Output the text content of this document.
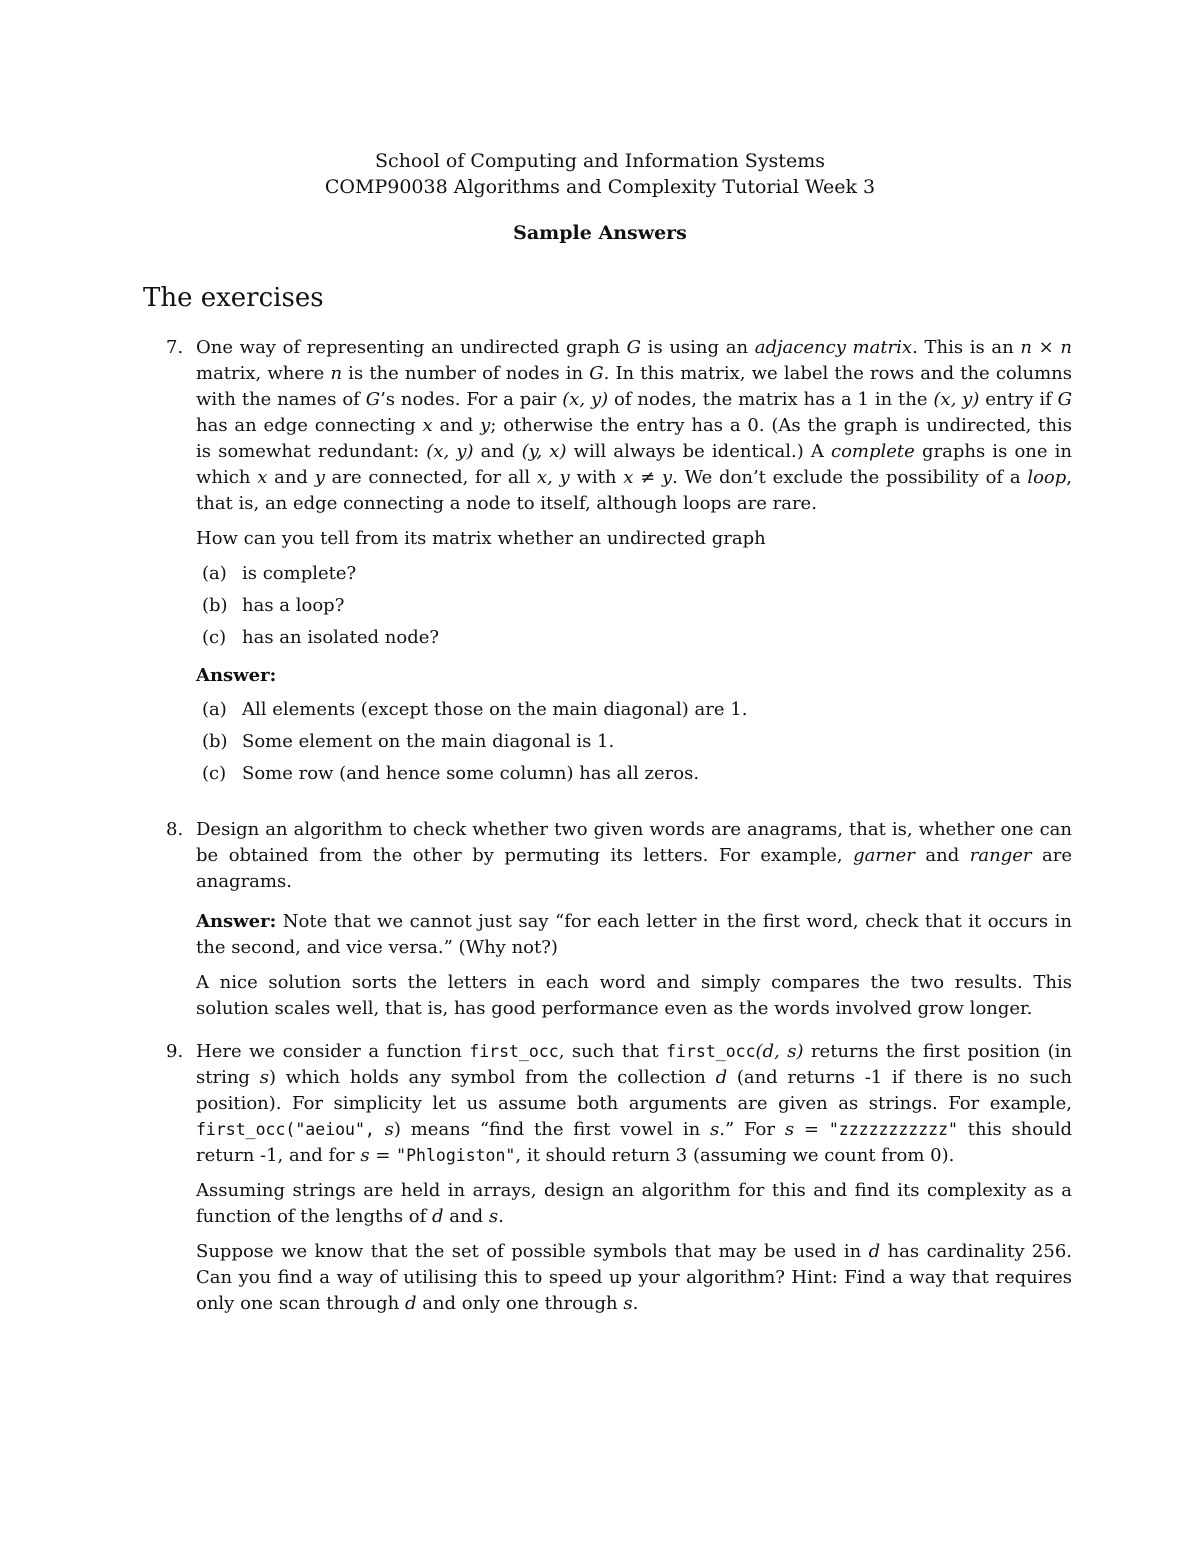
School of Computing and Information Systems
COMP90038 Algorithms and Complexity Tutorial Week 3
Sample Answers
The exercises
7. One way of representing an undirected graph G is using an adjacency matrix. This is an n × n matrix, where n is the number of nodes in G. In this matrix, we label the rows and the columns with the names of G’s nodes. For a pair (x, y) of nodes, the matrix has a 1 in the (x, y) entry if G has an edge connecting x and y; otherwise the entry has a 0. (As the graph is undirected, this is somewhat redundant: (x, y) and (y, x) will always be identical.) A complete graphs is one in which x and y are connected, for all x, y with x ≠ y. We don’t exclude the possibility of a loop, that is, an edge connecting a node to itself, although loops are rare.

How can you tell from its matrix whether an undirected graph

(a) is complete?
(b) has a loop?
(c) has an isolated node?
Answer:
(a) All elements (except those on the main diagonal) are 1.
(b) Some element on the main diagonal is 1.
(c) Some row (and hence some column) has all zeros.
8. Design an algorithm to check whether two given words are anagrams, that is, whether one can be obtained from the other by permuting its letters. For example, garner and ranger are anagrams.

Answer: Note that we cannot just say “for each letter in the first word, check that it occurs in the second, and vice versa.” (Why not?)

A nice solution sorts the letters in each word and simply compares the two results. This solution scales well, that is, has good performance even as the words involved grow longer.

9. Here we consider a function first_occ, such that first_occ(d, s) returns the first position (in string s) which holds any symbol from the collection d (and returns -1 if there is no such position). For simplicity let us assume both arguments are given as strings. For example, first_occ("aeiou", s) means “find the first vowel in s.” For s = "zzzzzzzzzzz" this should return -1, and for s = "Phlogiston", it should return 3 (assuming we count from 0).

Assuming strings are held in arrays, design an algorithm for this and find its complexity as a function of the lengths of d and s.

Suppose we know that the set of possible symbols that may be used in d has cardinality 256. Can you find a way of utilising this to speed up your algorithm? Hint: Find a way that requires only one scan through d and only one through s.
